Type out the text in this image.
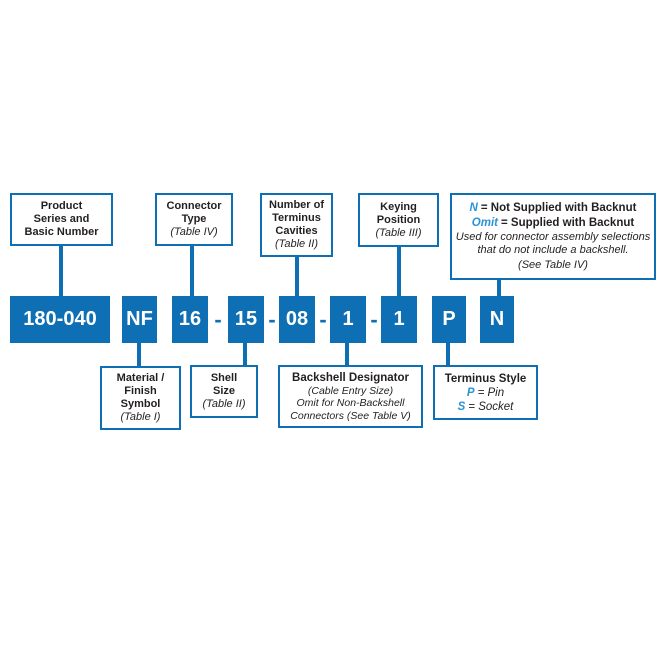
Product
Series and
Basic Number
Connector
Type
(Table IV)
Number of
Terminus
Cavities
(Table II)
Keying
Position
(Table III)
N = Not Supplied with Backnut
Omit = Supplied with Backnut
Used for connector assembly selections
that do not include a backshell.
(See Table IV)
180-040	NF	16	15	08	1	1	P	N
- - - -
Material /
Finish
Symbol
(Table I)
Shell
Size
(Table II)
Backshell Designator
(Cable Entry Size)
Omit for Non-Backshell
Connectors (See Table V)
Terminus Style
P = Pin
S = Socket
